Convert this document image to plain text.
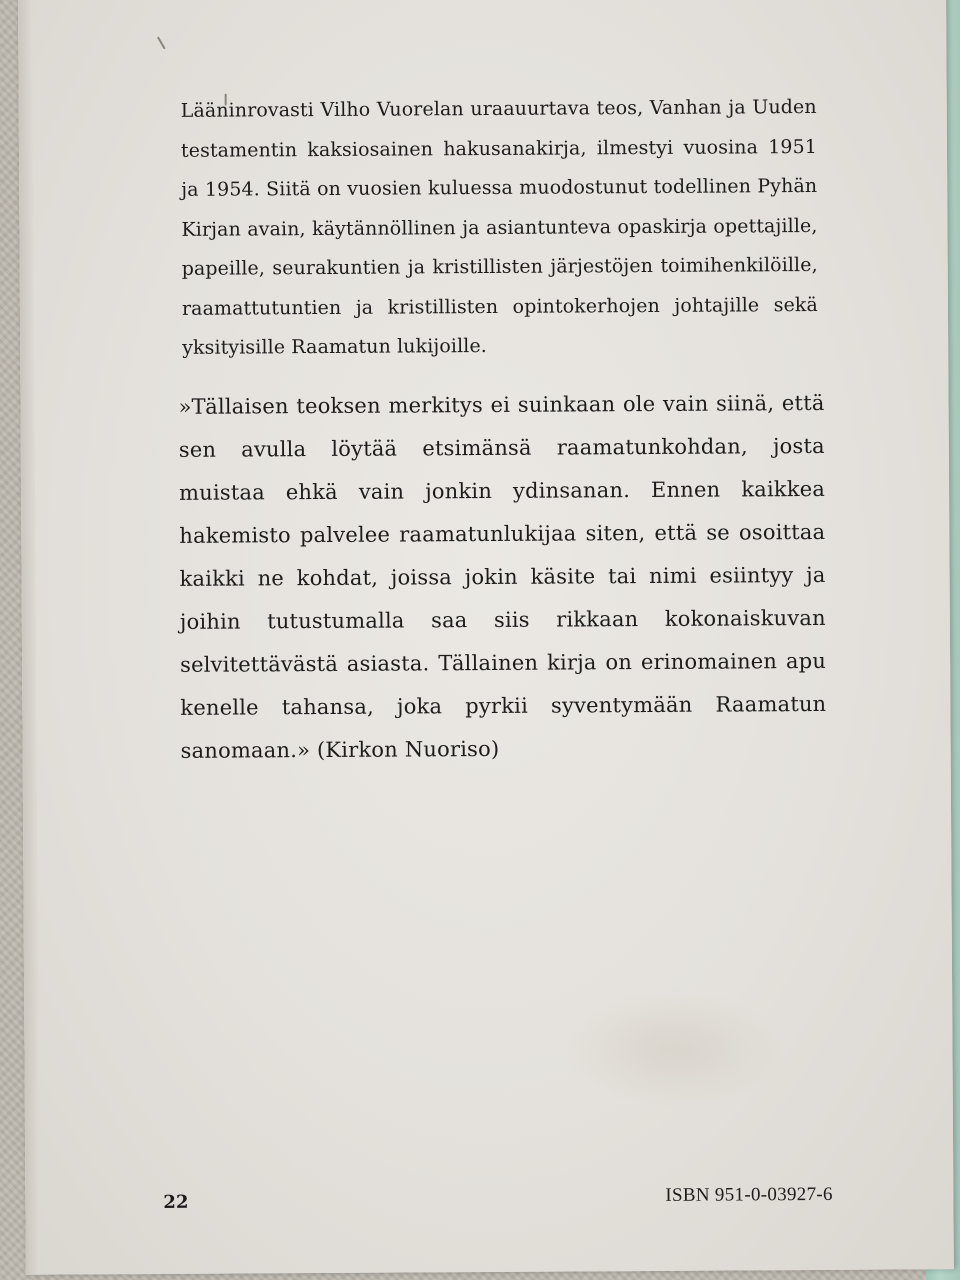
Lääninrovasti Vilho Vuorelan uraauurtava teos, Vanhan ja Uuden testamentin kaksiosainen hakusanakirja, ilmestyi vuosina 1951 ja 1954. Siitä on vuosien kuluessa muodostunut todellinen Pyhän Kirjan avain, käytännöllinen ja asiantunteva opaskirja opettajille, papeille, seurakuntien ja kristillisten järjestöjen toimihenkilöille, raamattutuntien ja kristillisten opintokerhojen johtajille sekä yksityisille Raamatun lukijoille.

»Tällaisen teoksen merkitys ei suinkaan ole vain siinä, että sen avulla löytää etsimänsä raamatunkohdan, josta muistaa ehkä vain jonkin ydinsanan. Ennen kaikkea hakemisto palvelee raamatunlukijaa siten, että se osoittaa kaikki ne kohdat, joissa jokin käsite tai nimi esiintyy ja joihin tutustumalla saa siis rikkaan kokonaiskuvan selvitettävästä asiasta. Tällainen kirja on erinomainen apu kenelle tahansa, joka pyrkii syventymään Raamatun sanomaan.» (Kirkon Nuoriso)

22	ISBN 951-0-03927-6
